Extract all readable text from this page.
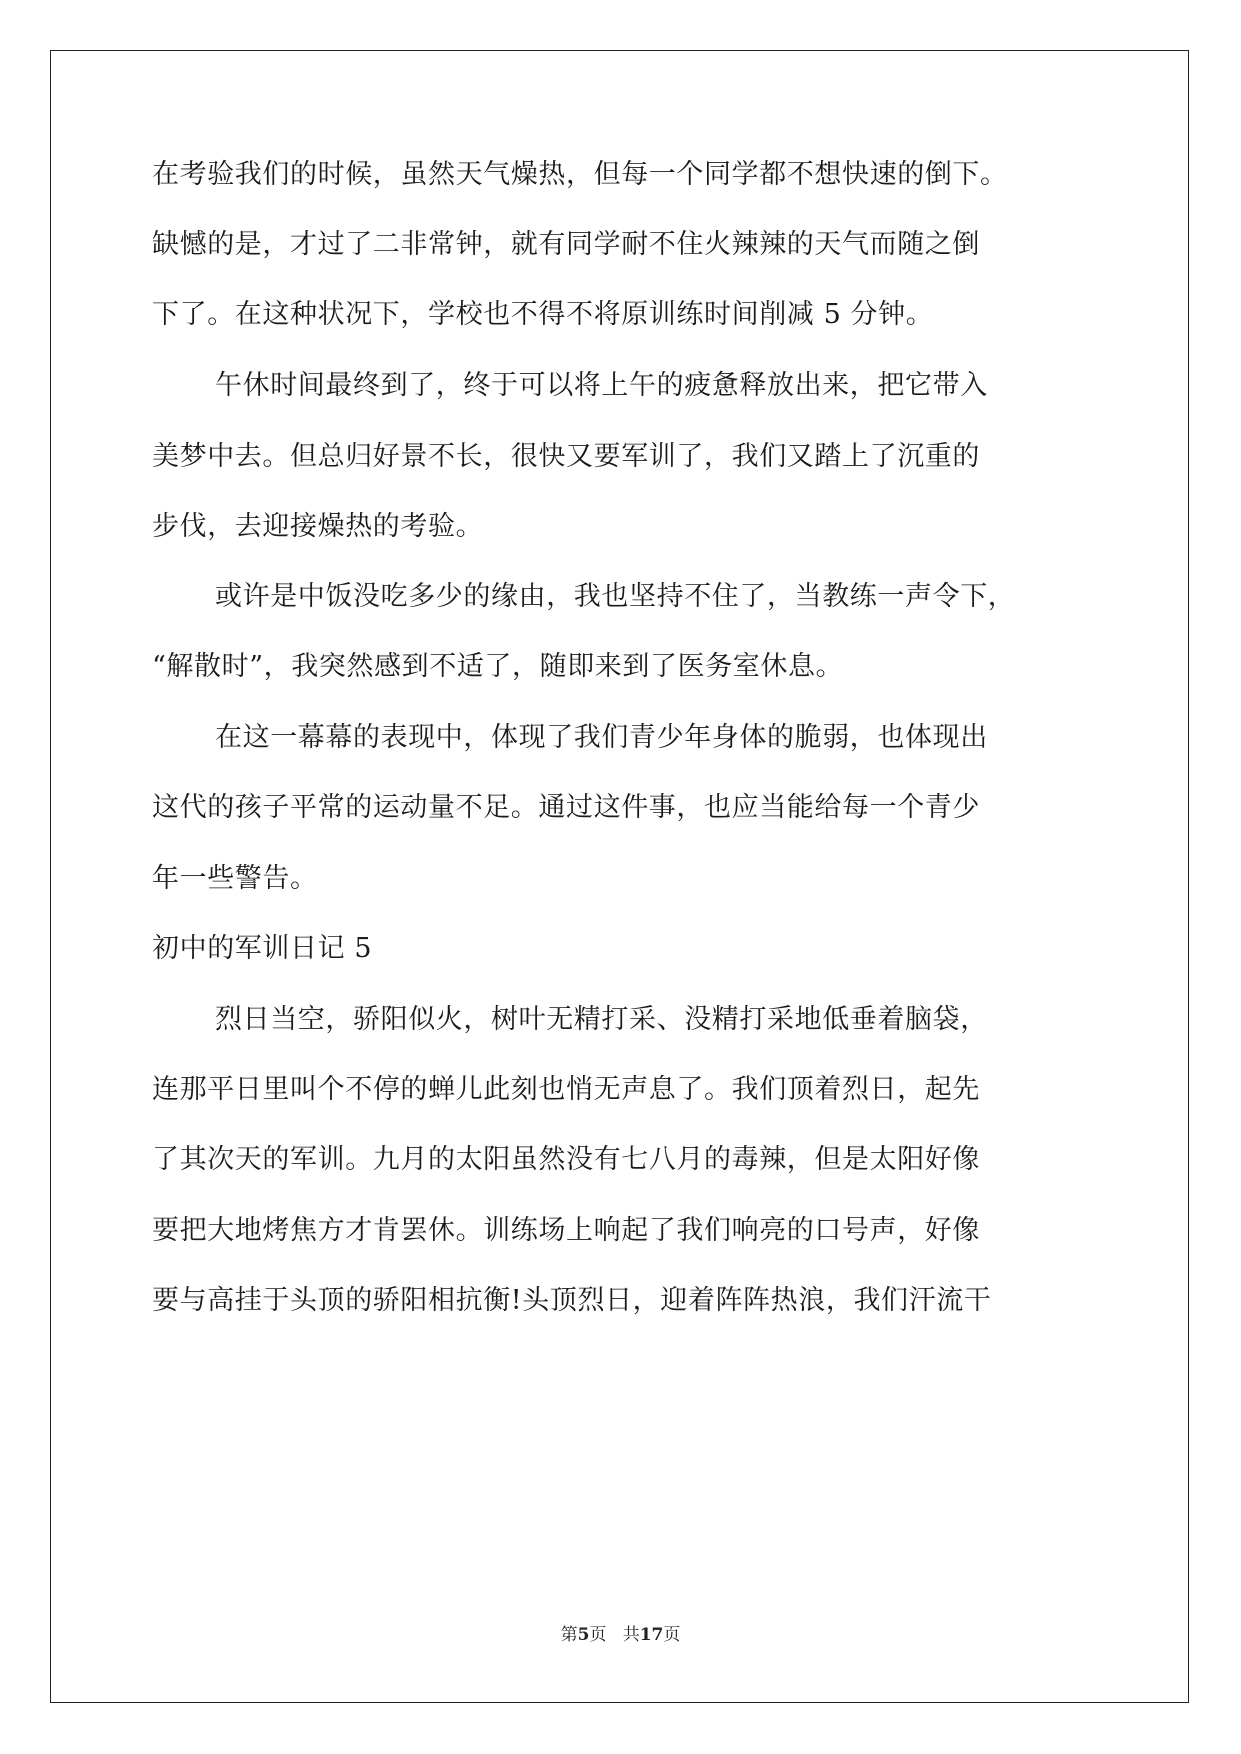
在考验我们的时候，虽然天气燥热，但每一个同学都不想快速的倒下。
缺憾的是，才过了二非常钟，就有同学耐不住火辣辣的天气而随之倒
下了。在这种状况下，学校也不得不将原训练时间削减 5 分钟。
午休时间最终到了，终于可以将上午的疲惫释放出来，把它带入
美梦中去。但总归好景不长，很快又要军训了，我们又踏上了沉重的
步伐，去迎接燥热的考验。
或许是中饭没吃多少的缘由，我也坚持不住了，当教练一声令下，
“解散时”，我突然感到不适了，随即来到了医务室休息。
在这一幕幕的表现中，体现了我们青少年身体的脆弱，也体现出
这代的孩子平常的运动量不足。通过这件事，也应当能给每一个青少
年一些警告。
初中的军训日记 5
烈日当空，骄阳似火，树叶无精打采、没精打采地低垂着脑袋，
连那平日里叫个不停的蝉儿此刻也悄无声息了。我们顶着烈日，起先
了其次天的军训。九月的太阳虽然没有七八月的毒辣，但是太阳好像
要把大地烤焦方才肯罢休。训练场上响起了我们响亮的口号声，好像
要与高挂于头顶的骄阳相抗衡!头顶烈日，迎着阵阵热浪，我们汗流干
第5页 共17页
